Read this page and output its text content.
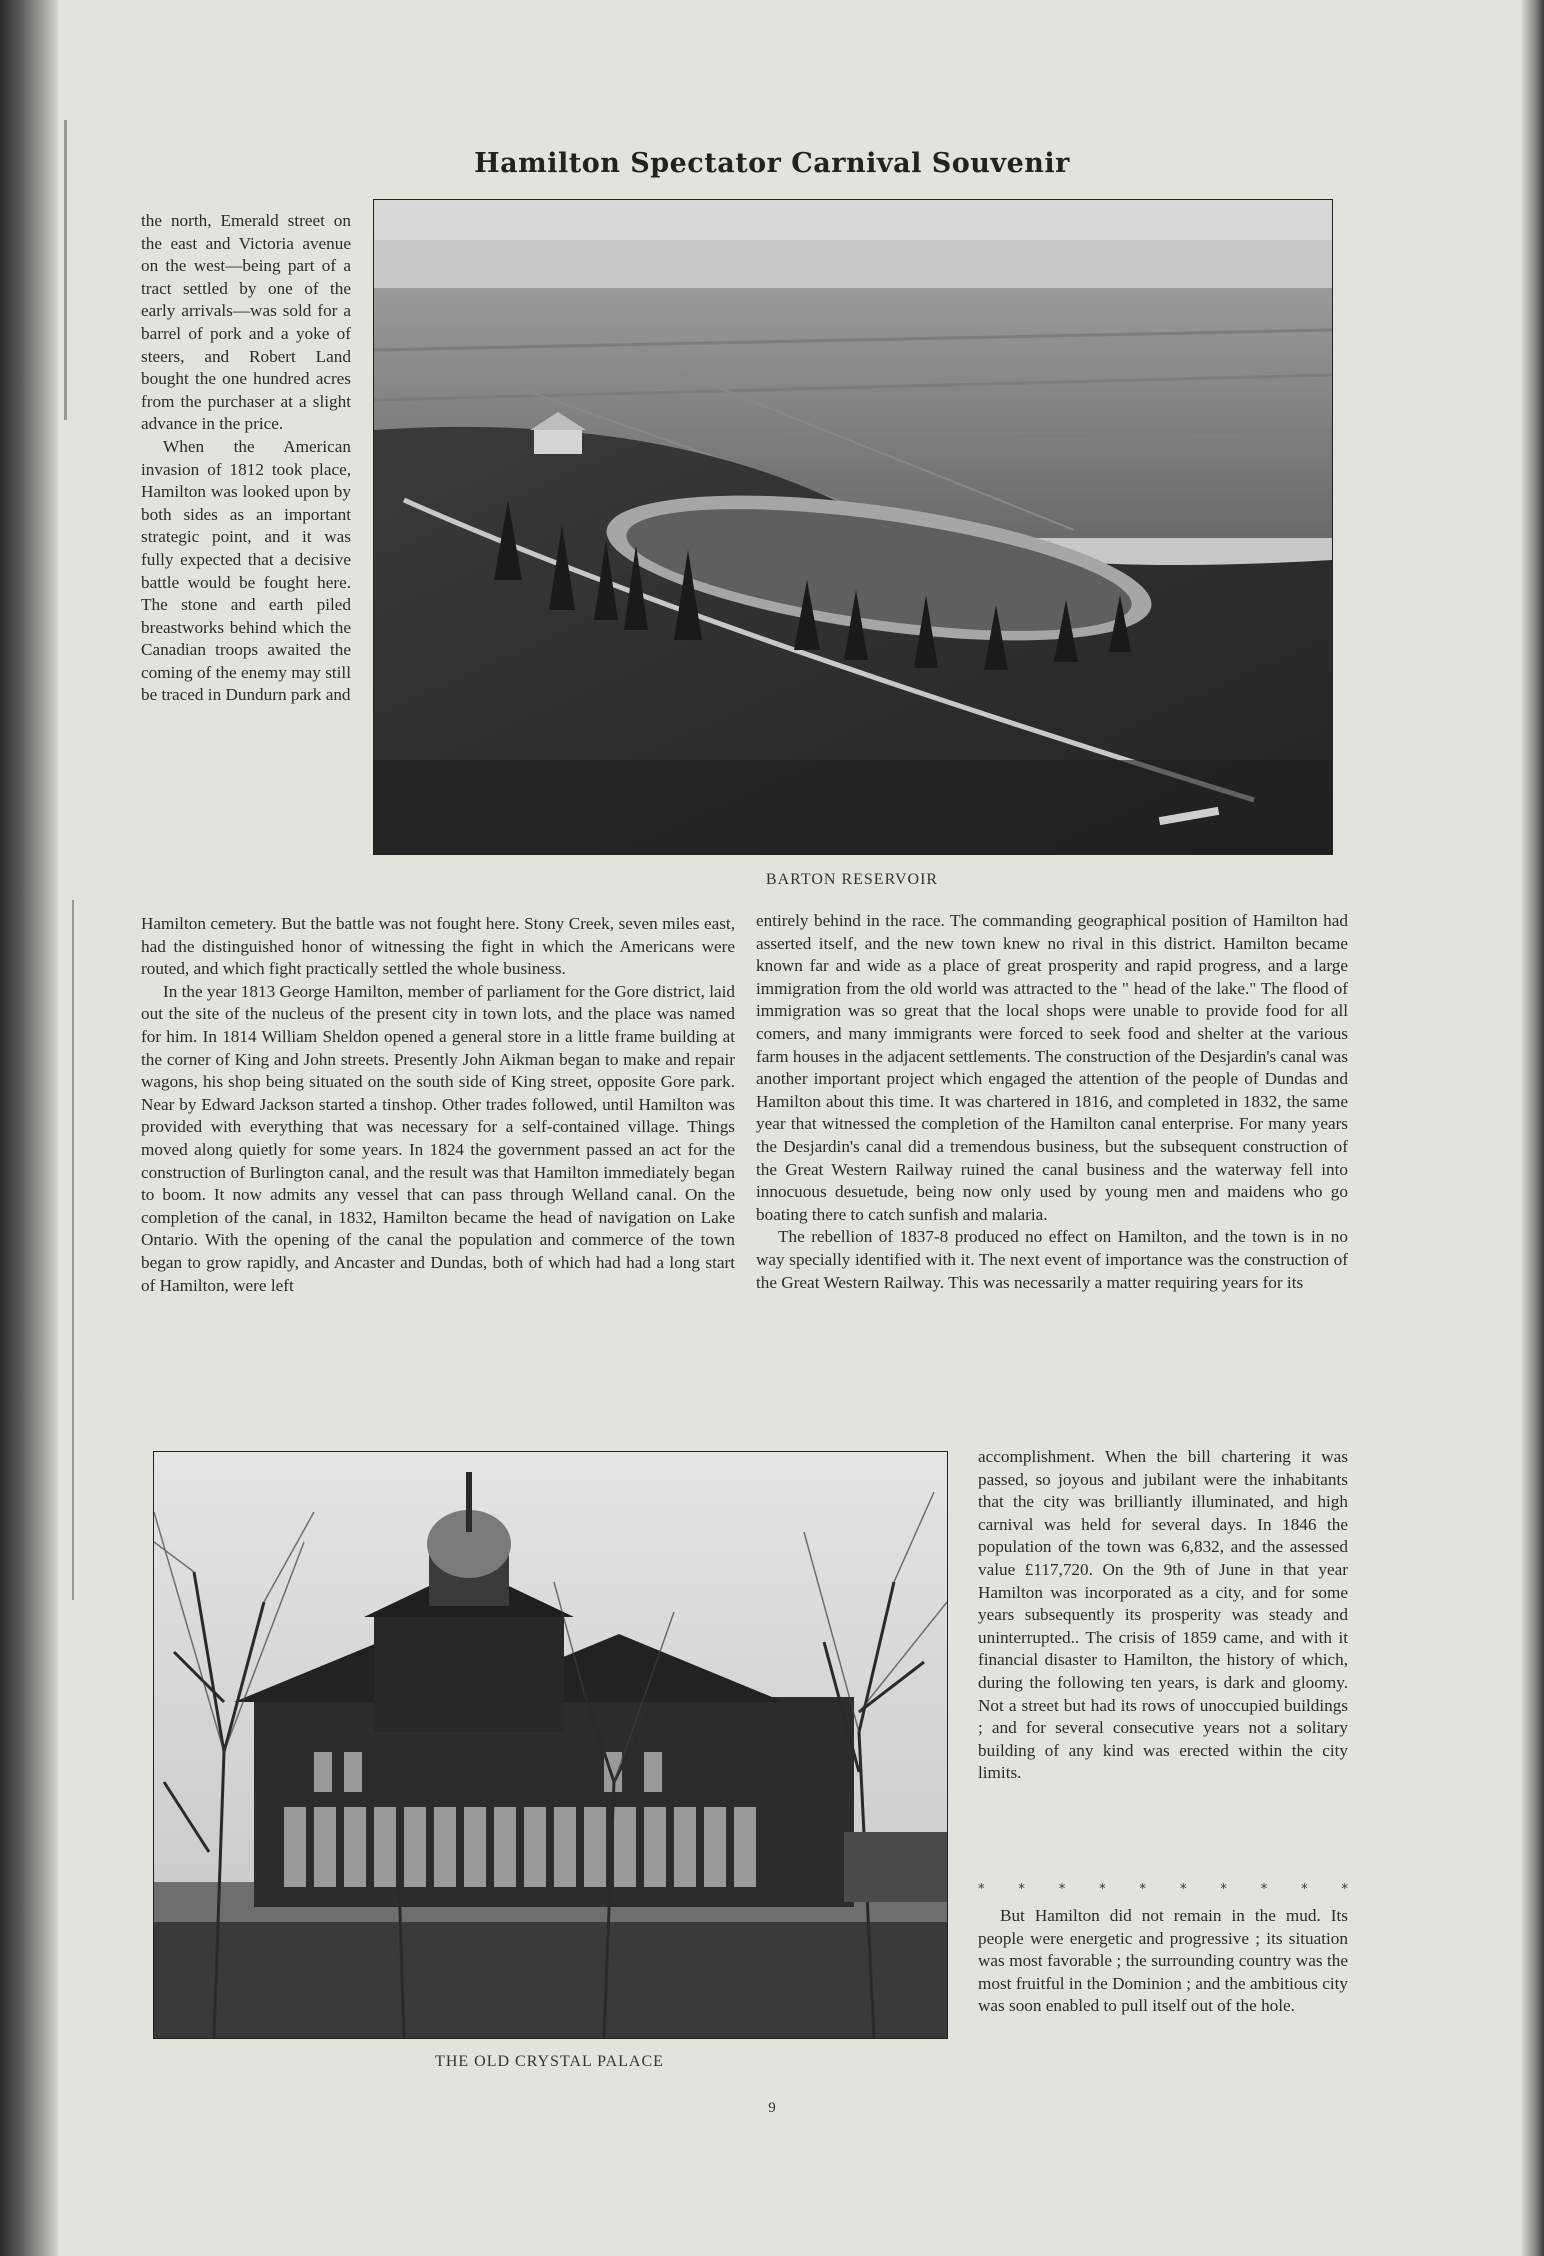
Hamilton Spectator Carnival Souvenir
BARTON RESERVOIR

the north, Emerald street on the east and Victoria avenue on the west—being part of a tract settled by one of the early arrivals—was sold for a barrel of pork and a yoke of steers, and Robert Land bought the one hundred acres from the purchaser at a slight advance in the price.

When the American invasion of 1812 took place, Hamilton was looked upon by both sides as an important strategic point, and it was fully expected that a decisive battle would be fought here. The stone and earth piled breastworks behind which the Canadian troops awaited the coming of the enemy may still be traced in Dundurn park and

Hamilton cemetery. But the battle was not fought here. Stony Creek, seven miles east, had the distinguished honor of witnessing the fight in which the Americans were routed, and which fight practically settled the whole business.

In the year 1813 George Hamilton, member of parliament for the Gore district, laid out the site of the nucleus of the present city in town lots, and the place was named for him. In 1814 William Sheldon opened a general store in a little frame building at the corner of King and John streets. Presently John Aikman began to make and repair wagons, his shop being situated on the south side of King street, opposite Gore park. Near by Edward Jackson started a tinshop. Other trades followed, until Hamilton was provided with everything that was necessary for a self-contained village. Things moved along quietly for some years. In 1824 the government passed an act for the construction of Burlington canal, and the result was that Hamilton immediately began to boom. It now admits any vessel that can pass through Welland canal. On the completion of the canal, in 1832, Hamilton became the head of navigation on Lake Ontario. With the opening of the canal the population and commerce of the town began to grow rapidly, and Ancaster and Dundas, both of which had had a long start of Hamilton, were left

entirely behind in the race. The commanding geographical position of Hamilton had asserted itself, and the new town knew no rival in this district. Hamilton became known far and wide as a place of great prosperity and rapid progress, and a large immigration from the old world was attracted to the " head of the lake." The flood of immigration was so great that the local shops were unable to provide food for all comers, and many immigrants were forced to seek food and shelter at the various farm houses in the adjacent settlements. The construction of the Desjardin's canal was another important project which engaged the attention of the people of Dundas and Hamilton about this time. It was chartered in 1816, and completed in 1832, the same year that witnessed the completion of the Hamilton canal enterprise. For many years the Desjardin's canal did a tremendous business, but the subsequent construction of the Great Western Railway ruined the canal business and the waterway fell into innocuous desuetude, being now only used by young men and maidens who go boating there to catch sunfish and malaria.

The rebellion of 1837-8 produced no effect on Hamilton, and the town is in no way specially identified with it. The next event of importance was the construction of the Great Western Railway. This was necessarily a matter requiring years for its

THE OLD CRYSTAL PALACE

accomplishment. When the bill chartering it was passed, so joyous and jubilant were the inhabitants that the city was brilliantly illuminated, and high carnival was held for several days. In 1846 the population of the town was 6,832, and the assessed value £117,720. On the 9th of June in that year Hamilton was incorporated as a city, and for some years subsequently its prosperity was steady and uninterrupted.. The crisis of 1859 came, and with it financial disaster to Hamilton, the history of which, during the following ten years, is dark and gloomy. Not a street but had its rows of unoccupied buildings ; and for several consecutive years not a solitary building of any kind was erected within the city limits.

* * * * * * * * * *

But Hamilton did not remain in the mud. Its people were energetic and progressive ; its situation was most favorable ; the surrounding country was the most fruitful in the Dominion ; and the ambitious city was soon enabled to pull itself out of the hole.

9
